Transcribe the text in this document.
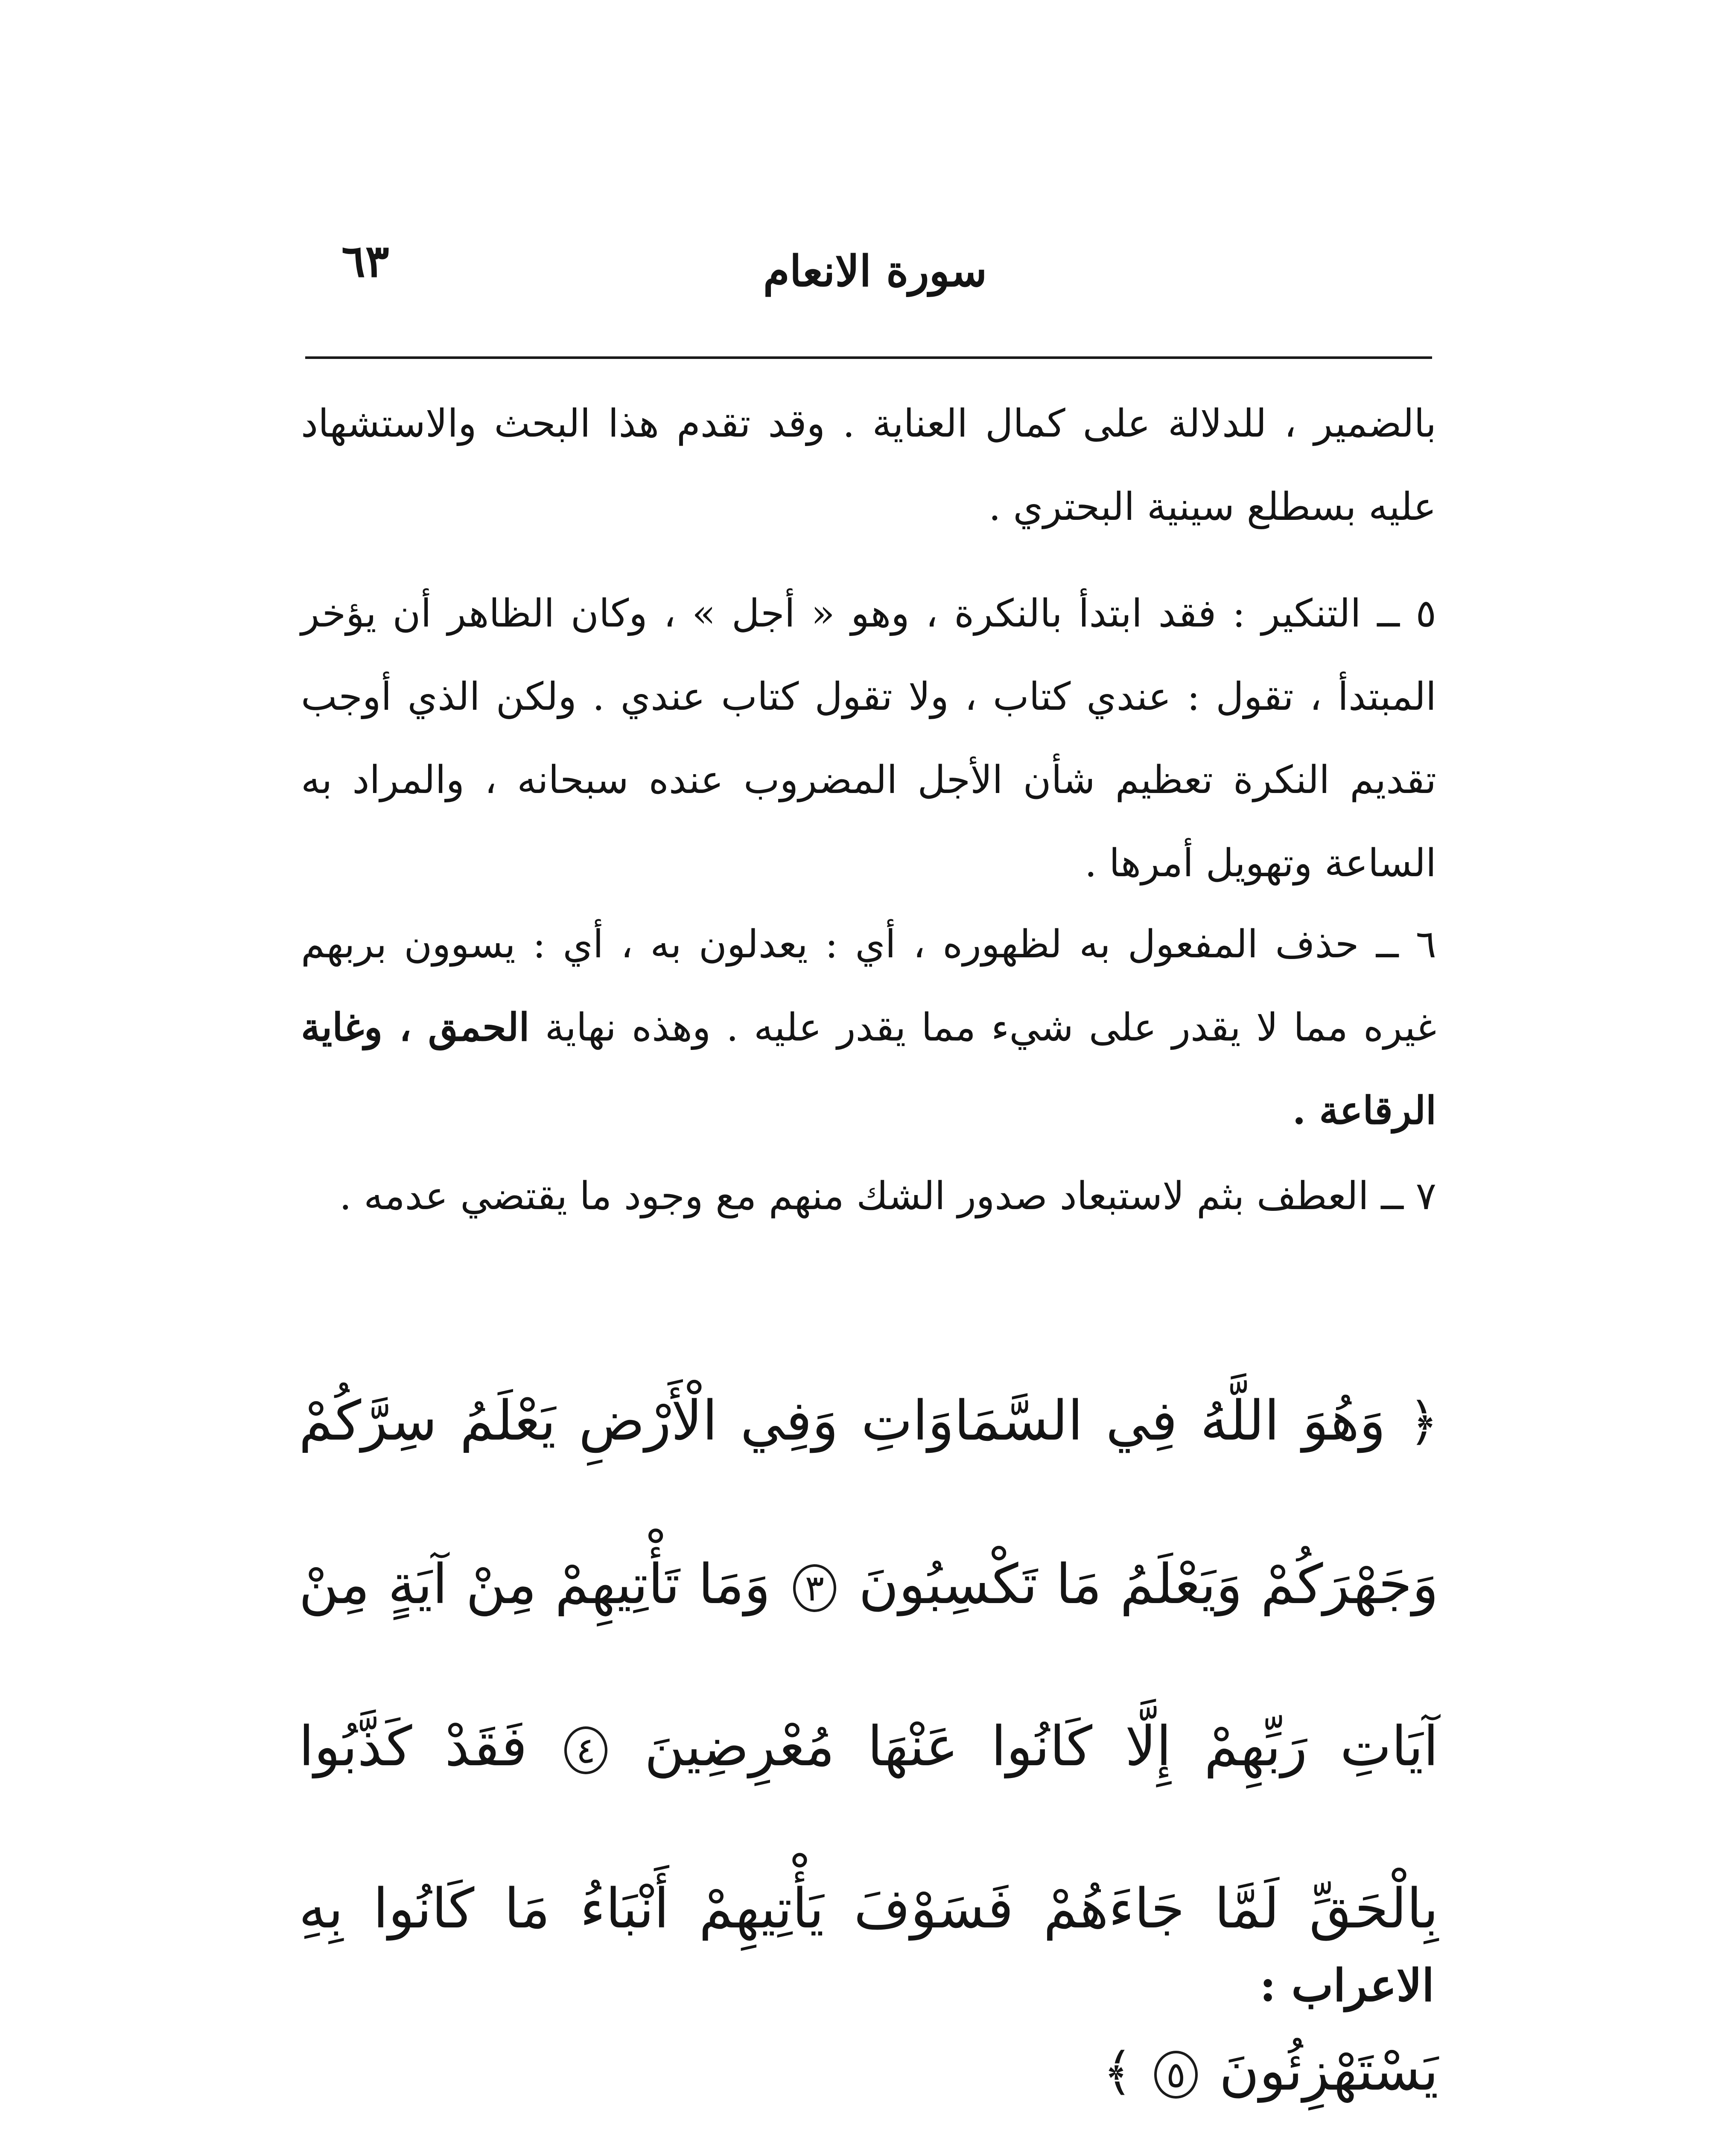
٦٣	سورة الانعام

بالضمير ، للدلالة على كمال العناية . وقد تقدم هذا البحث والاستشهاد عليه بسطلع سينية البحتري .

٥ ــ التنكير : فقد ابتدأ بالنكرة ، وهو « أجل » ، وكان الظاهر أن يؤخر المبتدأ ، تقول : عندي كتاب ، ولا تقول كتاب عندي . ولكن الذي أوجب تقديم النكرة تعظيم شأن الأجل المضروب عنده سبحانه ، والمراد به الساعة وتهويل أمرها .

٦ ــ حذف المفعول به لظهوره ، أي : يعدلون به ، أي : يسوون بربهم غيره مما لا يقدر على شيء مما يقدر عليه . وهذه نهاية الحمق ، وغاية الرقاعة .

٧ ــ العطف بثم لاستبعاد صدور الشك منهم مع وجود ما يقتضي عدمه .

﴿ وَهُوَ اللَّهُ فِي السَّمَاوَاتِ وَفِي الْأَرْضِ يَعْلَمُ سِرَّكُمْ وَجَهْرَكُمْ وَيَعْلَمُ مَا تَكْسِبُونَ ٣ وَمَا تَأْتِيهِمْ مِنْ آيَةٍ مِنْ آيَاتِ رَبِّهِمْ إِلَّا كَانُوا عَنْهَا مُعْرِضِينَ ٤ فَقَدْ كَذَّبُوا بِالْحَقِّ لَمَّا جَاءَهُمْ فَسَوْفَ يَأْتِيهِمْ أَنْبَاءُ مَا كَانُوا بِهِ يَسْتَهْزِئُونَ ٥ ﴾
الاعراب :
